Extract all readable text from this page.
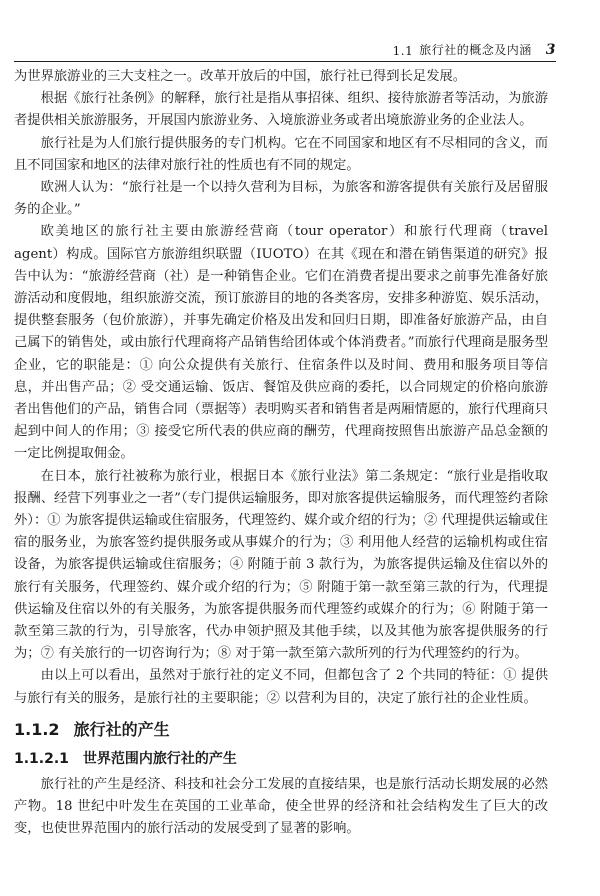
1.1 旅行社的概念及内涵 3

为世界旅游业的三大支柱之一。改革开放后的中国，旅行社已得到长足发展。

根据《旅行社条例》的解释，旅行社是指从事招徕、组织、接待旅游者等活动，为旅游者提供相关旅游服务，开展国内旅游业务、入境旅游业务或者出境旅游业务的企业法人。

旅行社是为人们旅行提供服务的专门机构。它在不同国家和地区有不尽相同的含义，而且不同国家和地区的法律对旅行社的性质也有不同的规定。

欧洲人认为：“旅行社是一个以持久营利为目标，为旅客和游客提供有关旅行及居留服务的企业。”

欧美地区的旅行社主要由旅游经营商（tour operator）和旅行代理商（travel agent）构成。国际官方旅游组织联盟（IUOTO）在其《现在和潜在销售渠道的研究》报告中认为：“旅游经营商（社）是一种销售企业。它们在消费者提出要求之前事先准备好旅游活动和度假地，组织旅游交流，预订旅游目的地的各类客房，安排多种游览、娱乐活动，提供整套服务（包价旅游），并事先确定价格及出发和回归日期，即准备好旅游产品，由自己属下的销售处，或由旅行代理商将产品销售给团体或个体消费者。”而旅行代理商是服务型企业，它的职能是：① 向公众提供有关旅行、住宿条件以及时间、费用和服务项目等信息，并出售产品；② 受交通运输、饭店、餐馆及供应商的委托，以合同规定的价格向旅游者出售他们的产品，销售合同（票据等）表明购买者和销售者是两厢情愿的，旅行代理商只起到中间人的作用；③ 接受它所代表的供应商的酬劳，代理商按照售出旅游产品总金额的一定比例提取佣金。

在日本，旅行社被称为旅行业，根据日本《旅行业法》第二条规定：“旅行业是指收取报酬、经营下列事业之一者”（专门提供运输服务，即对旅客提供运输服务，而代理签约者除外）：① 为旅客提供运输或住宿服务，代理签约、媒介或介绍的行为；② 代理提供运输或住宿的服务业，为旅客签约提供服务或从事媒介的行为；③ 利用他人经营的运输机构或住宿设备，为旅客提供运输或住宿服务；④ 附随于前 3 款行为，为旅客提供运输及住宿以外的旅行有关服务，代理签约、媒介或介绍的行为；⑤ 附随于第一款至第三款的行为，代理提供运输及住宿以外的有关服务，为旅客提供服务而代理签约或媒介的行为；⑥ 附随于第一款至第三款的行为，引导旅客，代办申领护照及其他手续，以及其他为旅客提供服务的行为；⑦ 有关旅行的一切咨询行为；⑧ 对于第一款至第六款所列的行为代理签约的行为。

由以上可以看出，虽然对于旅行社的定义不同，但都包含了 2 个共同的特征：① 提供与旅行有关的服务，是旅行社的主要职能；② 以营利为目的，决定了旅行社的企业性质。

1.1.2 旅行社的产生
1.1.2.1 世界范围内旅行社的产生

旅行社的产生是经济、科技和社会分工发展的直接结果，也是旅行活动长期发展的必然产物。18 世纪中叶发生在英国的工业革命，使全世界的经济和社会结构发生了巨大的改变，也使世界范围内的旅行活动的发展受到了显著的影响。
